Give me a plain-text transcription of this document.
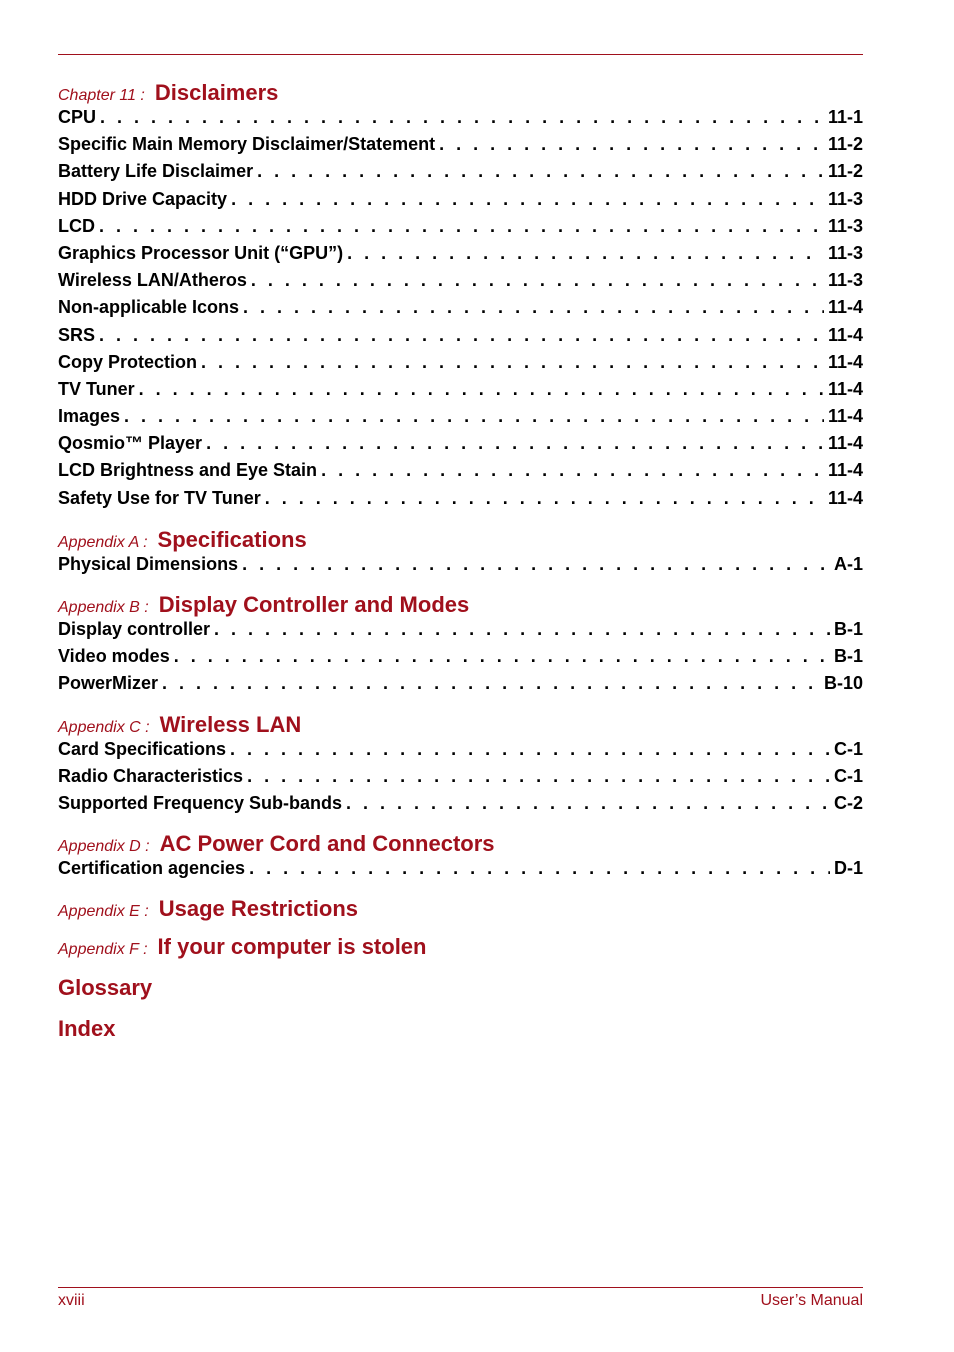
Chapter 11 : Disclaimers
CPU . . .	11-1
Specific Main Memory Disclaimer/Statement . . .	11-2
Battery Life Disclaimer . . .	11-2
HDD Drive Capacity . . .	11-3
LCD . . .	11-3
Graphics Processor Unit (“GPU”) . . .	11-3
Wireless LAN/Atheros . . .	11-3
Non-applicable Icons . . .	11-4
SRS . . .	11-4
Copy Protection . . .	11-4
TV Tuner . . .	11-4
Images . . .	11-4
Qosmio™ Player . . .	11-4
LCD Brightness and Eye Stain . . .	11-4
Safety Use for TV Tuner . . .	11-4
Appendix A : Specifications
Physical Dimensions . . .	A-1
Appendix B : Display Controller and Modes
Display controller . . .	B-1
Video modes . . .	B-1
PowerMizer . . .	B-10
Appendix C : Wireless LAN
Card Specifications . . .	C-1
Radio Characteristics . . .	C-1
Supported Frequency Sub-bands . . .	C-2
Appendix D : AC Power Cord and Connectors
Certification agencies . . .	D-1
Appendix E : Usage Restrictions
Appendix F : If your computer is stolen
Glossary
Index
xviii	User’s Manual
